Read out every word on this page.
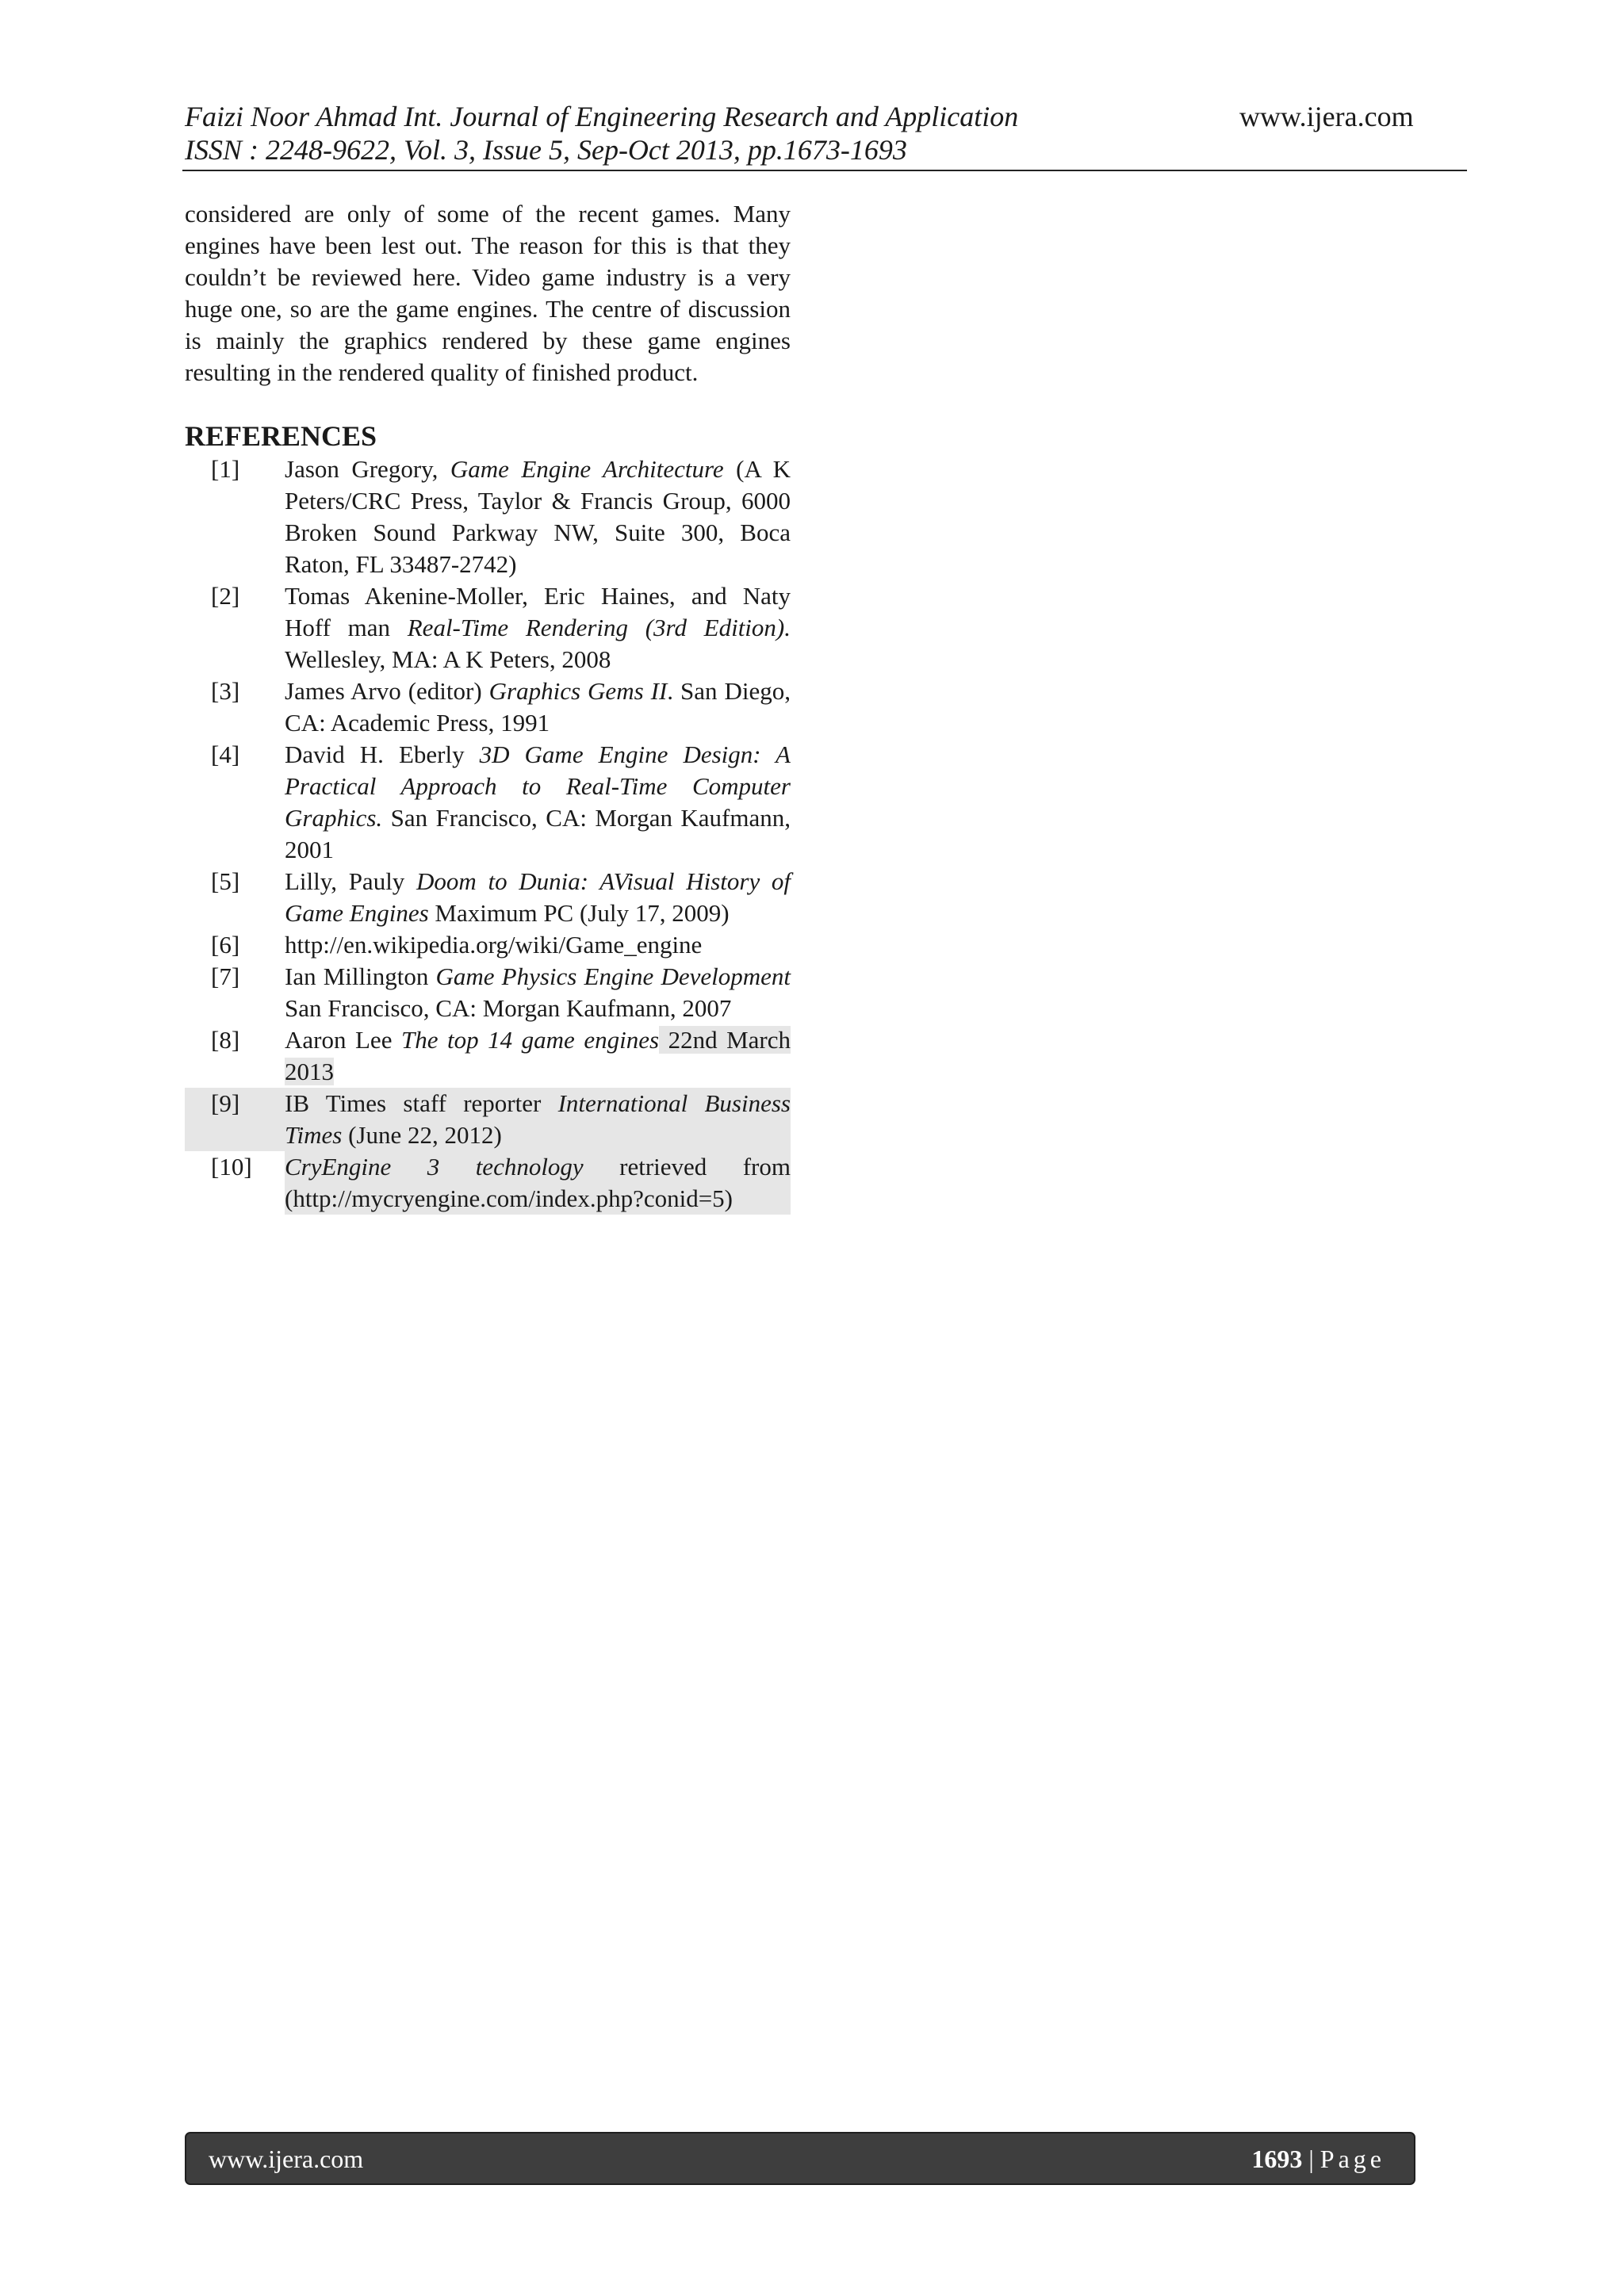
Faizi Noor Ahmad Int. Journal of Engineering Research and Application
ISSN : 2248-9622, Vol. 3, Issue 5, Sep-Oct 2013, pp.1673-1693
www.ijera.com

considered are only of some of the recent games. Many engines have been lest out. The reason for this is that they couldn’t be reviewed here. Video game industry is a very huge one, so are the game engines. The centre of discussion is mainly the graphics rendered by these game engines resulting in the rendered quality of finished product.

REFERENCES
[1]	Jason Gregory, Game Engine Architecture (A K Peters/CRC Press, Taylor & Francis Group, 6000 Broken Sound Parkway NW, Suite 300, Boca Raton, FL 33487-2742)
[2]	Tomas Akenine-Moller, Eric Haines, and Naty Hoff man Real-Time Rendering (3rd Edition). Wellesley, MA: A K Peters, 2008
[3]	James Arvo (editor) Graphics Gems II. San Diego, CA: Academic Press, 1991
[4]	David H. Eberly 3D Game Engine Design: A Practical Approach to Real-Time Computer Graphics. San Francisco, CA: Morgan Kaufmann, 2001
[5]	Lilly, Pauly Doom to Dunia: AVisual History of Game Engines Maximum PC (July 17, 2009)
[6]	http://en.wikipedia.org/wiki/Game_engine
[7]	Ian Millington Game Physics Engine Development San Francisco, CA: Morgan Kaufmann, 2007
[8]	Aaron Lee The top 14 game engines 22nd March 2013
[9]	IB Times staff reporter International Business Times (June 22, 2012)
[10]	CryEngine 3 technology retrieved from (http://mycryengine.com/index.php?conid=5)
www.ijera.com	1693 | Page
